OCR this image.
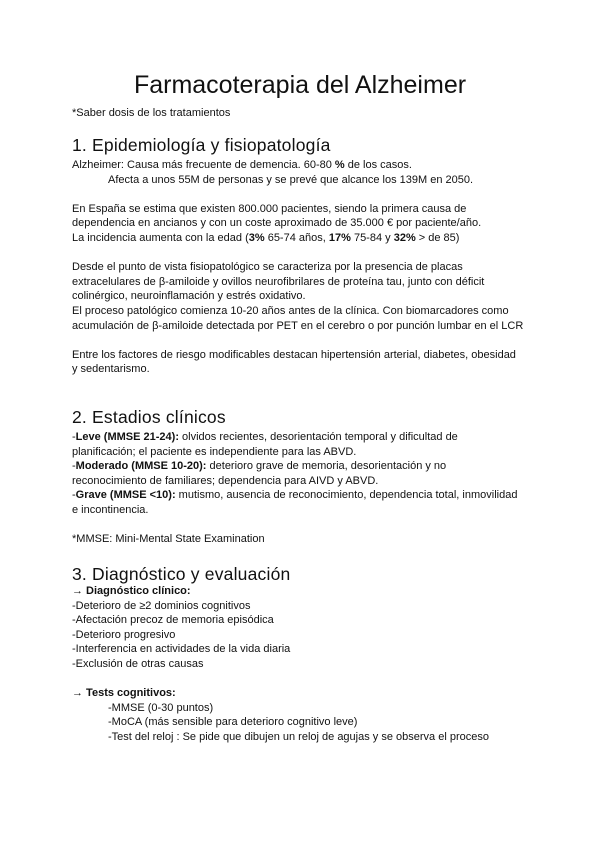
Farmacoterapia del Alzheimer
*Saber dosis de los tratamientos
1. Epidemiología y fisiopatología

Alzheimer: Causa más frecuente de demencia. 60-80 % de los casos.

Afecta a unos 55M de personas y se prevé que alcance los 139M en 2050.

En España se estima que existen 800.000 pacientes, siendo la primera causa de

dependencia en ancianos y con un coste aproximado de 35.000 € por paciente/año.

La incidencia aumenta con la edad (3% 65-74 años, 17% 75-84 y 32% > de 85)

Desde el punto de vista fisiopatológico se caracteriza por la presencia de placas

extracelulares de β-amiloide y ovillos neurofibrilares de proteína tau, junto con déficit

colinérgico, neuroinflamación y estrés oxidativo.

El proceso patológico comienza 10-20 años antes de la clínica. Con biomarcadores como

acumulación de β-amiloide detectada por PET en el cerebro o por punción lumbar en el LCR

Entre los factores de riesgo modificables destacan hipertensión arterial, diabetes, obesidad

y sedentarismo.

2. Estadios clínicos

-Leve (MMSE 21-24): olvidos recientes, desorientación temporal y dificultad de

planificación; el paciente es independiente para las ABVD.

-Moderado (MMSE 10-20): deterioro grave de memoria, desorientación y no

reconocimiento de familiares; dependencia para AIVD y ABVD.

-Grave (MMSE <10): mutismo, ausencia de reconocimiento, dependencia total, inmovilidad

e incontinencia.

*MMSE: Mini-Mental State Examination

3. Diagnóstico y evaluación

→ Diagnóstico clínico:

-Deterioro de ≥2 dominios cognitivos

-Afectación precoz de memoria episódica

-Deterioro progresivo

-Interferencia en actividades de la vida diaria

-Exclusión de otras causas

→ Tests cognitivos:

-MMSE (0-30 puntos)

-MoCA (más sensible para deterioro cognitivo leve)

-Test del reloj : Se pide que dibujen un reloj de agujas y se observa el proceso
